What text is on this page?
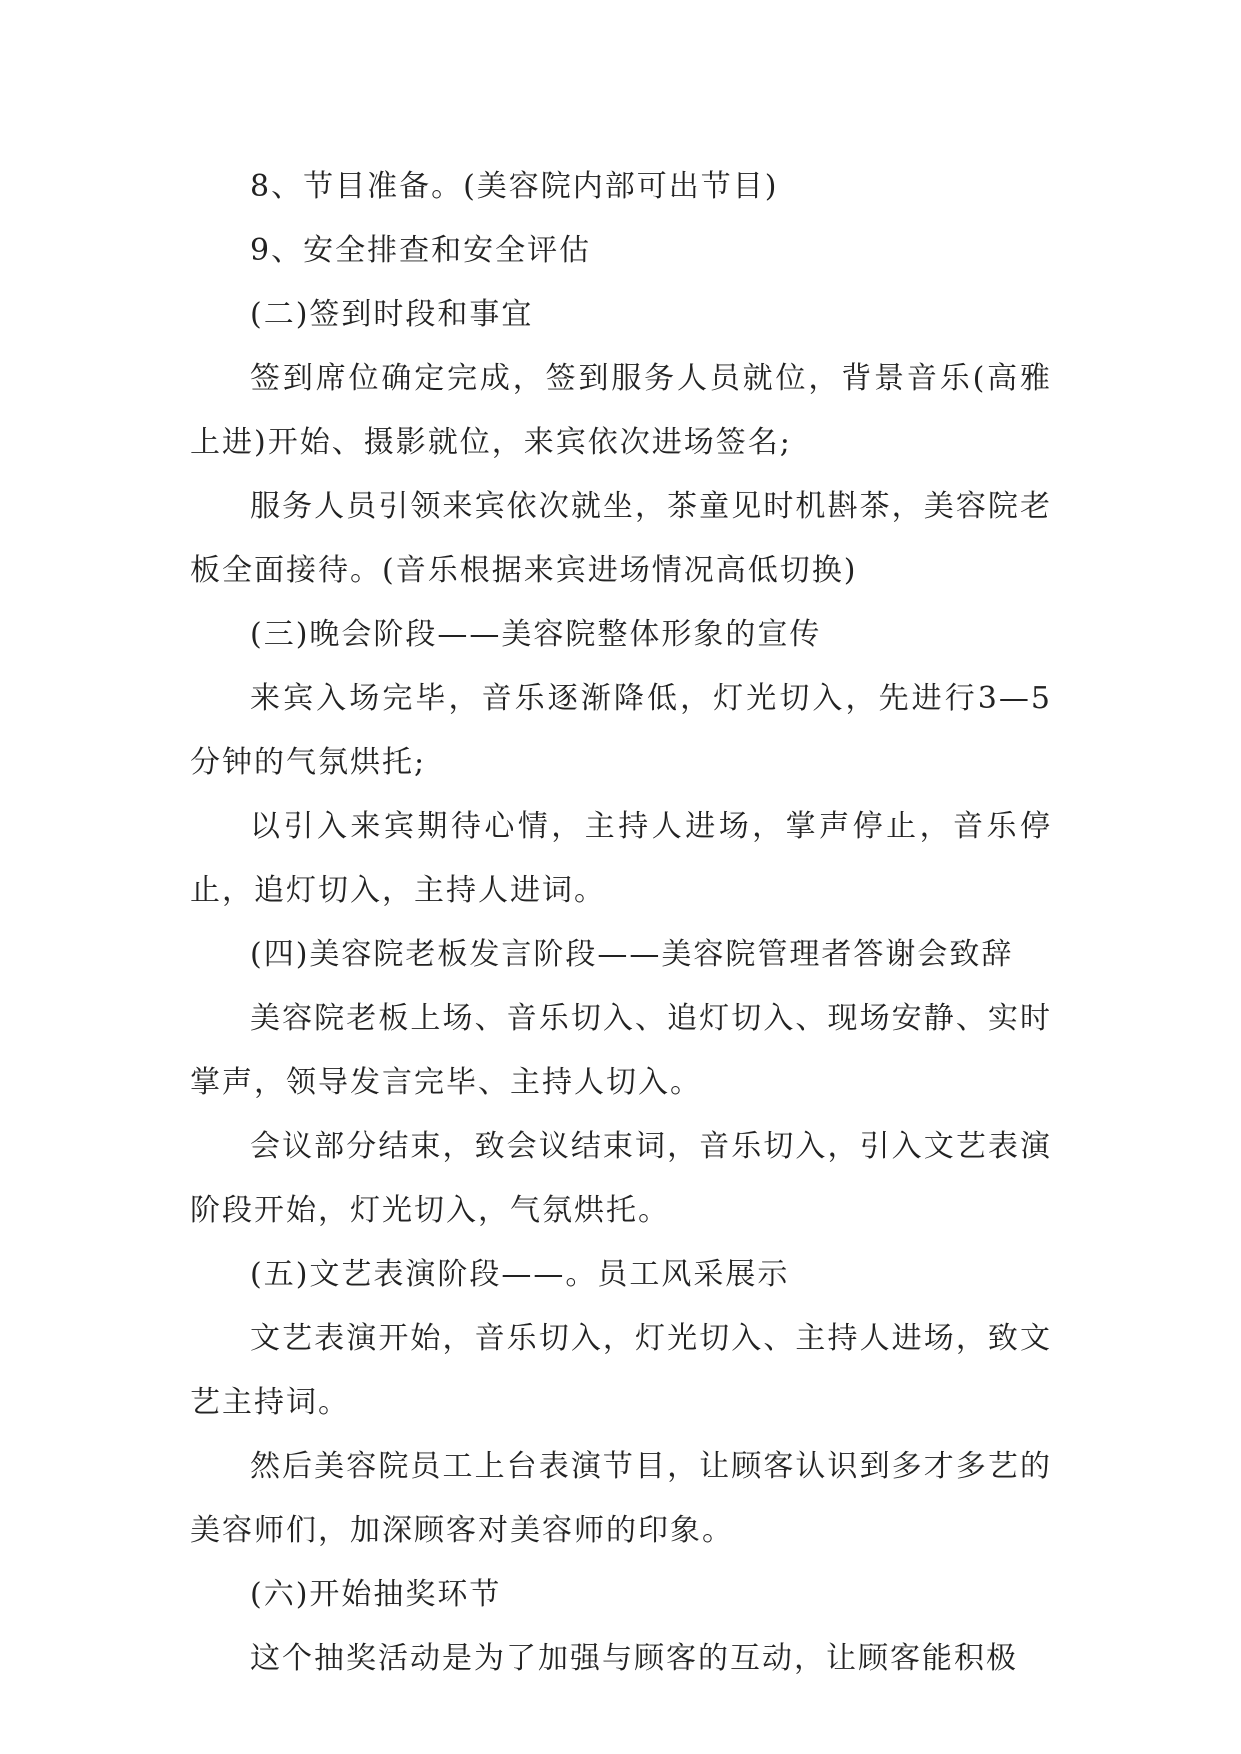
8、节目准备。(美容院内部可出节目)

9、安全排查和安全评估

(二)签到时段和事宜

签到席位确定完成，签到服务人员就位，背景音乐(高雅上进)开始、摄影就位，来宾依次进场签名;

服务人员引领来宾依次就坐，茶童见时机斟茶，美容院老板全面接待。(音乐根据来宾进场情况高低切换)

(三)晚会阶段——美容院整体形象的宣传

来宾入场完毕，音乐逐渐降低，灯光切入，先进行3—5分钟的气氛烘托;

以引入来宾期待心情，主持人进场，掌声停止，音乐停止，追灯切入，主持人进词。

(四)美容院老板发言阶段——美容院管理者答谢会致辞

美容院老板上场、音乐切入、追灯切入、现场安静、实时掌声，领导发言完毕、主持人切入。

会议部分结束，致会议结束词，音乐切入，引入文艺表演阶段开始，灯光切入，气氛烘托。

(五)文艺表演阶段——。员工风采展示

文艺表演开始，音乐切入，灯光切入、主持人进场，致文艺主持词。

然后美容院员工上台表演节目，让顾客认识到多才多艺的美容师们，加深顾客对美容师的印象。

(六)开始抽奖环节

这个抽奖活动是为了加强与顾客的互动，让顾客能积极
